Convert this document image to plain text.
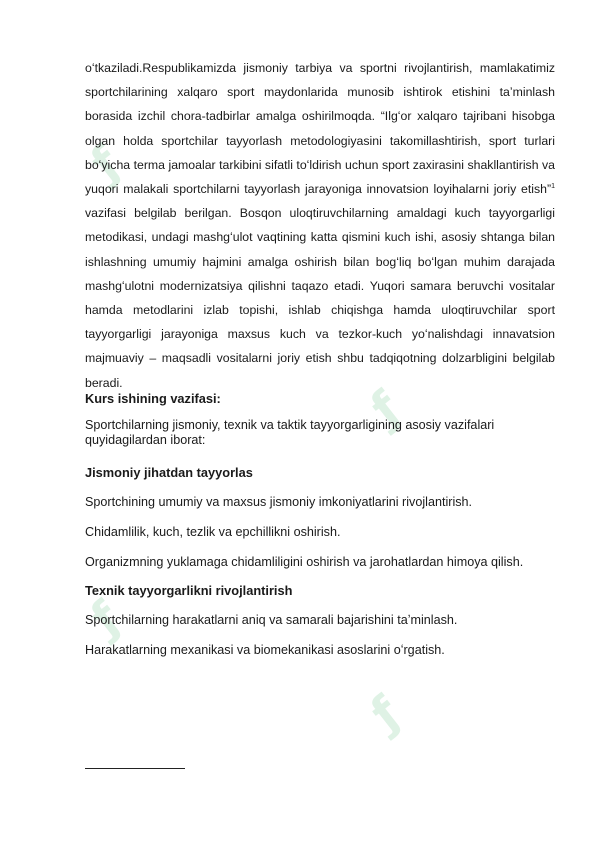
ƒ
ƒ
ƒ
ƒ

oʻtkaziladi.Respublikamizda jismoniy tarbiya va sportni rivojlantirish, mamlakatimiz sportchilarining xalqaro sport maydonlarida munosib ishtirok etishini taʼminlash borasida izchil chora-tadbirlar amalga oshirilmoqda. “Ilgʻor xalqaro tajribani hisobga olgan holda sportchilar tayyorlash metodologiyasini takomillashtirish, sport turlari boʻyicha terma jamoalar tarkibini sifatli toʻldirish uchun sport zaxirasini shakllantirish va yuqori malakali sportchilarni tayyorlash jarayoniga innovatsion loyihalarni joriy etish”$^1$ vazifasi belgilab berilgan. Bosqon uloqtiruvchilarning amaldagi kuch tayyorgarligi metodikasi, undagi mashgʻulot vaqtining katta qismini kuch ishi, asosiy shtanga bilan ishlashning umumiy hajmini amalga oshirish bilan bogʻliq boʻlgan muhim darajada mashgʻulotni modernizatsiya qilishni taqazo etadi. Yuqori samara beruvchi vositalar hamda metodlarini izlab topishi, ishlab chiqishga hamda uloqtiruvchilar sport tayyorgarligi jarayoniga maxsus kuch va tezkor-kuch yoʻnalishdagi innavatsion majmuaviy – maqsadli vositalarni joriy etish shbu tadqiqotning dolzarbligini belgilab beradi.

Kurs ishining vazifasi:

Sportchilarning jismoniy, texnik va taktik tayyorgarligining asosiy vazifalari quyidagilardan iborat:

Jismoniy jihatdan tayyorlas

Sportchining umumiy va maxsus jismoniy imkoniyatlarini rivojlantirish.

Chidamlilik, kuch, tezlik va epchillikni oshirish.

Organizmning yuklamaga chidamliligini oshirish va jarohatlardan himoya qilish.

Texnik tayyorgarlikni rivojlantirish

Sportchilarning harakatlarni aniq va samarali bajarishini taʼminlash.

Harakatlarning mexanikasi va biomekanikasi asoslarini oʻrgatish.
